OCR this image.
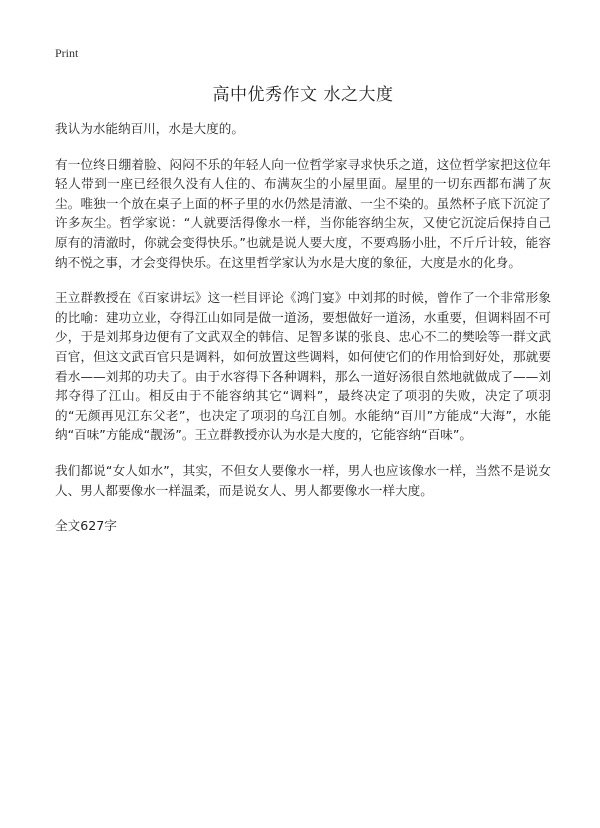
Print
高中优秀作文 水之大度

我认为水能纳百川，水是大度的。

有一位终日绷着脸、闷闷不乐的年轻人向一位哲学家寻求快乐之道，这位哲学家把这位年轻人带到一座已经很久没有人住的、布满灰尘的小屋里面。屋里的一切东西都布满了灰尘。唯独一个放在桌子上面的杯子里的水仍然是清澈、一尘不染的。虽然杯子底下沉淀了许多灰尘。哲学家说：“人就要活得像水一样，当你能容纳尘灰，又使它沉淀后保持自己原有的清澈时，你就会变得快乐。”也就是说人要大度，不要鸡肠小肚，不斤斤计较，能容纳不悦之事，才会变得快乐。在这里哲学家认为水是大度的象征，大度是水的化身。

王立群教授在《百家讲坛》这一栏目评论《鸿门宴》中刘邦的时候，曾作了一个非常形象的比喻：建功立业，夺得江山如同是做一道汤，要想做好一道汤，水重要，但调料固不可少，于是刘邦身边便有了文武双全的韩信、足智多谋的张良、忠心不二的樊哙等一群文武百官，但这文武百官只是调料，如何放置这些调料，如何使它们的作用恰到好处，那就要看水——刘邦的功夫了。由于水容得下各种调料，那么一道好汤很自然地就做成了——刘邦夺得了江山。相反由于不能容纳其它“调料”，最终决定了项羽的失败，决定了项羽的“无颜再见江东父老”，也决定了项羽的乌江自刎。水能纳“百川”方能成“大海”，水能纳“百味”方能成“靓汤”。王立群教授亦认为水是大度的，它能容纳“百味”。

我们都说“女人如水”，其实，不但女人要像水一样，男人也应该像水一样，当然不是说女人、男人都要像水一样温柔，而是说女人、男人都要像水一样大度。

全文627字
